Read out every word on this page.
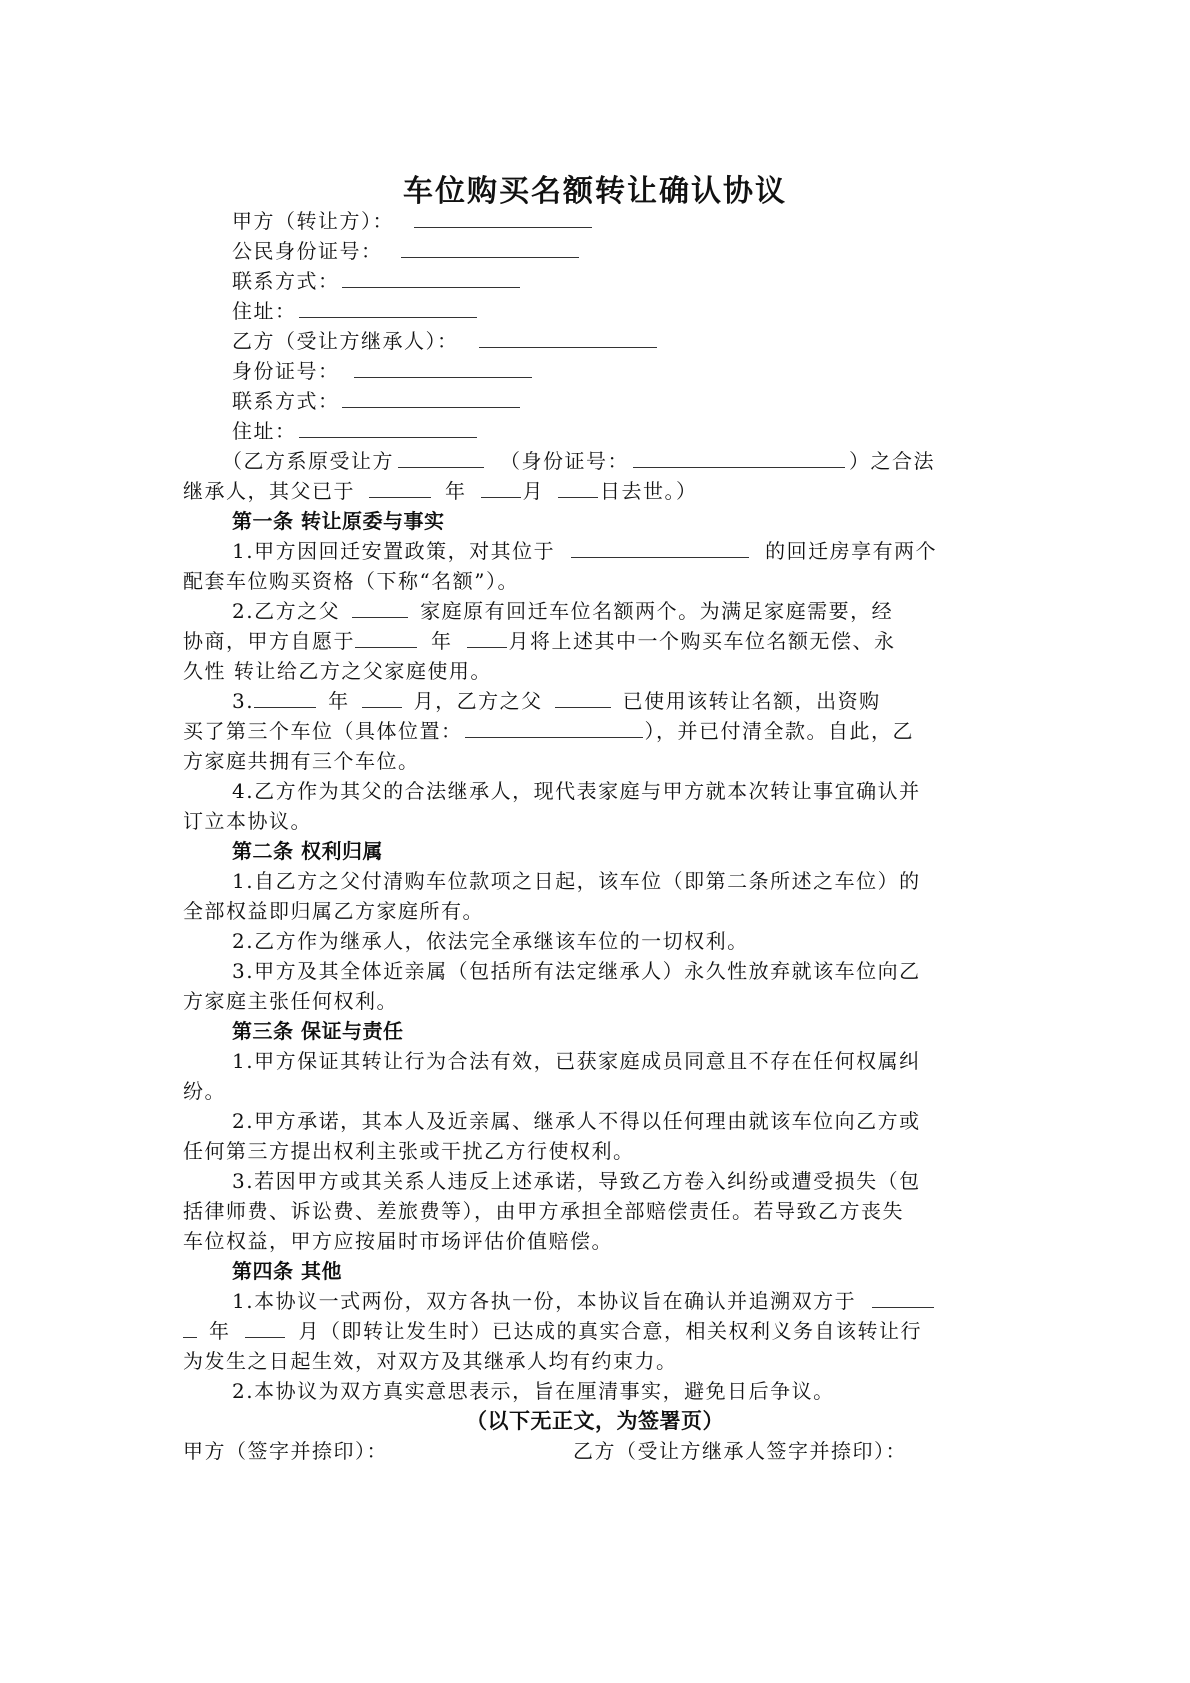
车位购买名额转让确认协议
甲方（转让方）：
公民身份证号：
联系方式：
住址：
乙方（受让方继承人）：
身份证号：
联系方式：
住址：
（乙方系原受让方	（身份证号：	）之合法
继承人，其父已于	年	月	日去世。）
第一条 转让原委与事实
1.甲方因回迁安置政策，对其位于	的回迁房享有两个
配套车位购买资格（下称“名额”）。
2.乙方之父	家庭原有回迁车位名额两个。为满足家庭需要，经
协商，甲方自愿于	年	月将上述其中一个购买车位名额无偿、永
久性 转让给乙方之父家庭使用。
3.	年	月，乙方之父	已使用该转让名额，出资购
买了第三个车位（具体位置：	），并已付清全款。自此，乙
方家庭共拥有三个车位。
4.乙方作为其父的合法继承人，现代表家庭与甲方就本次转让事宜确认并
订立本协议。
第二条 权利归属
1.自乙方之父付清购车位款项之日起，该车位（即第二条所述之车位）的
全部权益即归属乙方家庭所有。
2.乙方作为继承人，依法完全承继该车位的一切权利。
3.甲方及其全体近亲属（包括所有法定继承人）永久性放弃就该车位向乙
方家庭主张任何权利。
第三条 保证与责任
1.甲方保证其转让行为合法有效，已获家庭成员同意且不存在任何权属纠
纷。
2.甲方承诺，其本人及近亲属、继承人不得以任何理由就该车位向乙方或
任何第三方提出权利主张或干扰乙方行使权利。
3.若因甲方或其关系人违反上述承诺，导致乙方卷入纠纷或遭受损失（包
括律师费、诉讼费、差旅费等），由甲方承担全部赔偿责任。若导致乙方丧失
车位权益，甲方应按届时市场评估价值赔偿。
第四条 其他
1.本协议一式两份，双方各执一份，本协议旨在确认并追溯双方于
年	月（即转让发生时）已达成的真实合意，相关权利义务自该转让行
为发生之日起生效，对双方及其继承人均有约束力。
2.本协议为双方真实意思表示，旨在厘清事实，避免日后争议。
（以下无正文，为签署页）
甲方（签字并捺印）：	乙方（受让方继承人签字并捺印）：
